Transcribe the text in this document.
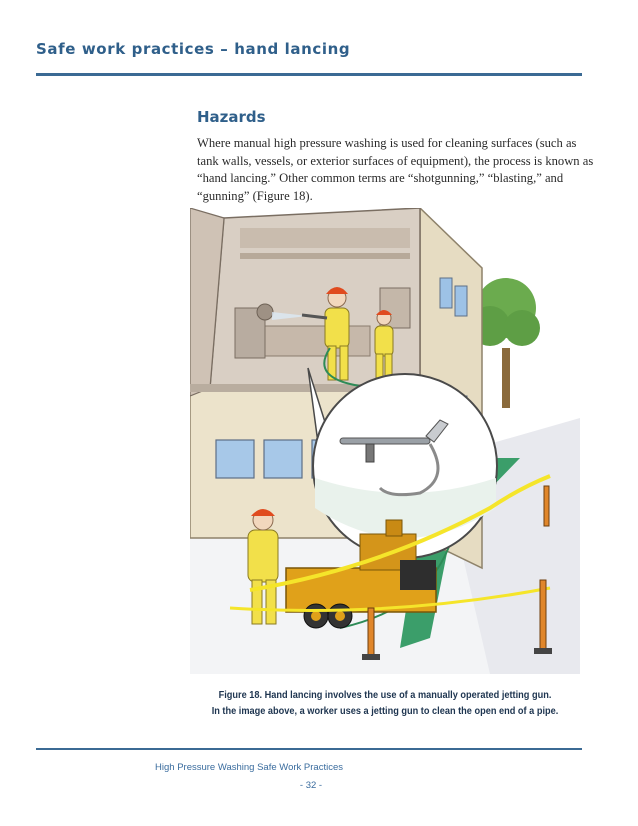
Safe work practices – hand lancing
Hazards
Where manual high pressure washing is used for cleaning surfaces (such as tank walls, vessels, or exterior surfaces of equipment), the process is known as “hand lancing.” Other common terms are “shotgunning,” “blasting,” and “gunning” (Figure 18).
Figure 18. Hand lancing involves the use of a manually operated jetting gun.
In the image above, a worker uses a jetting gun to clean the open end of a pipe.
High Pressure Washing Safe Work Practices
- 32 -
